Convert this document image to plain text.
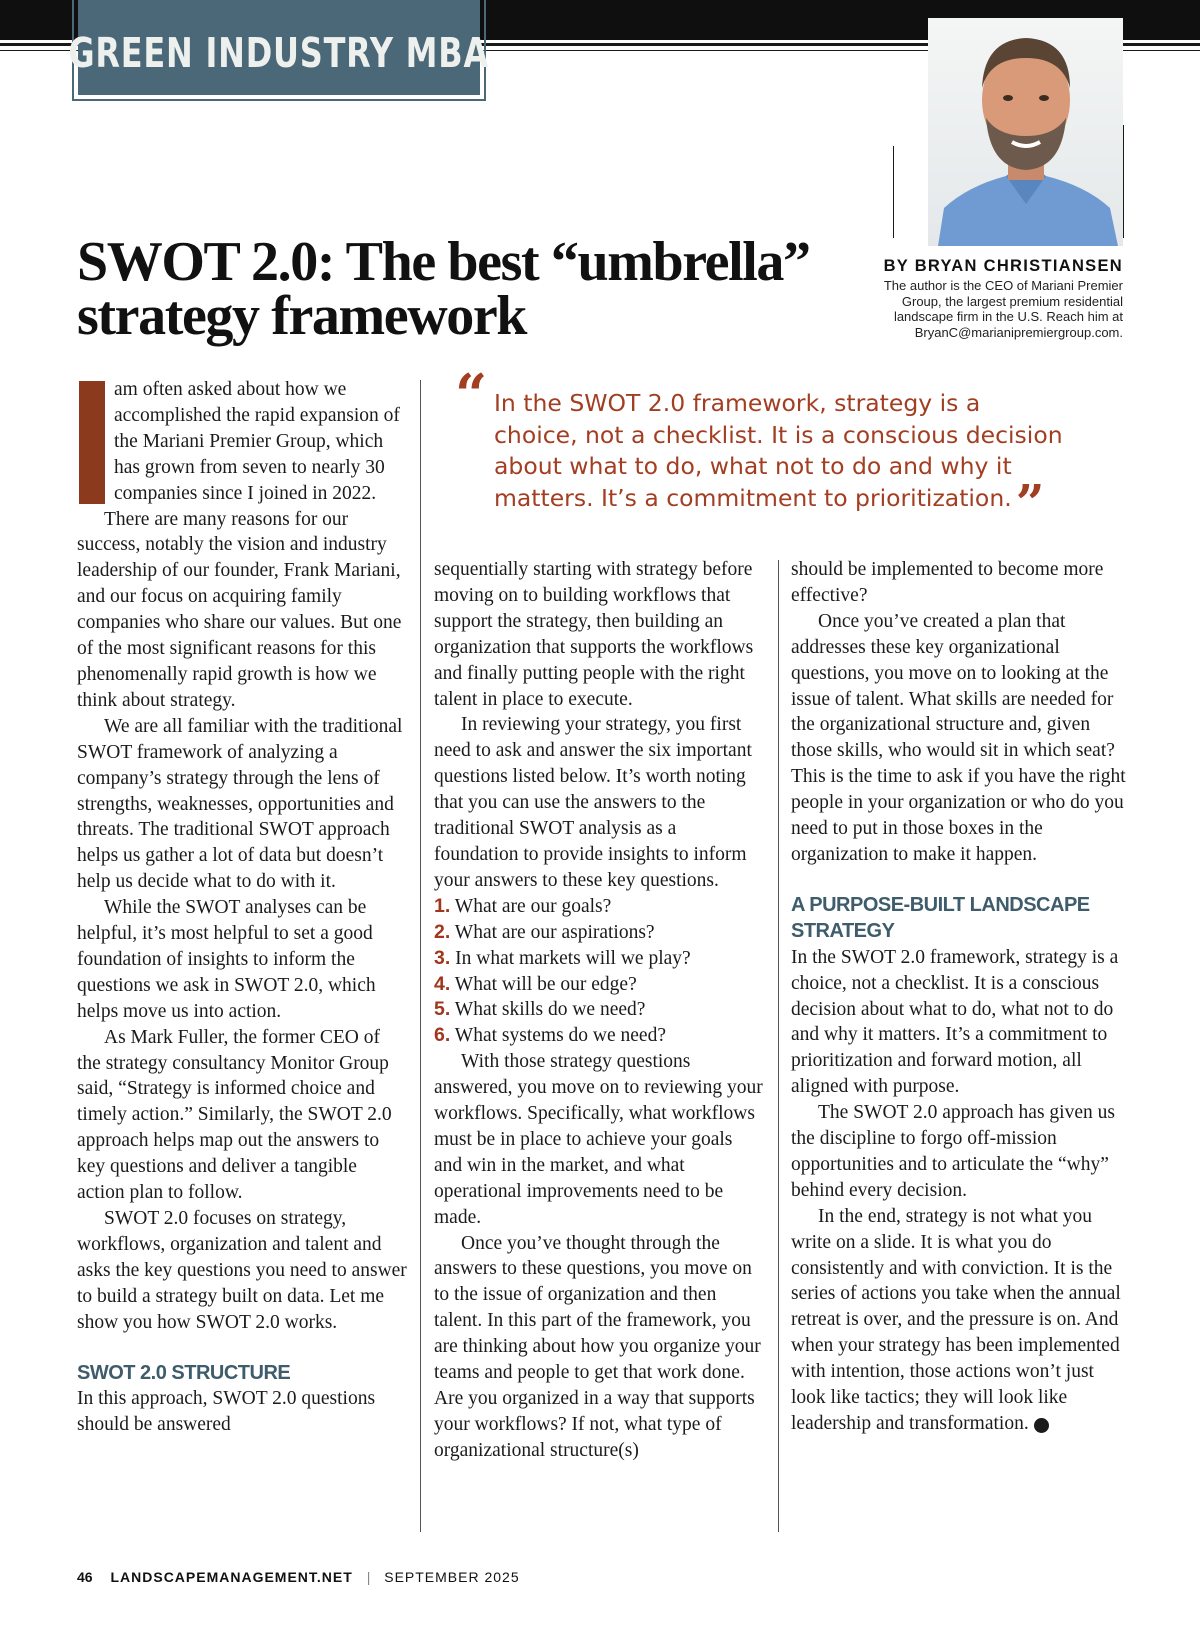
GREEN INDUSTRY MBA
SWOT 2.0: The best “umbrella”
strategy framework
BY BRYAN CHRISTIANSEN
The author is the CEO of Mariani Premier
Group, the largest premium residential
landscape firm in the U.S. Reach him at
BryanC@marianipremiergroup.com.
“ In the SWOT 2.0 framework, strategy is a
choice, not a checklist. It is a conscious decision
about what to do, what not to do and why it
matters. It’s a commitment to prioritization.”

am often asked about how we accomplished the rapid expansion of the Mariani Premier Group, which has grown from seven to nearly 30 companies since I joined in 2022.

There are many reasons for our success, notably the vision and industry leadership of our founder, Frank Mariani, and our focus on acquiring family companies who share our values. But one of the most significant reasons for this phenomenally rapid growth is how we think about strategy.

We are all familiar with the traditional SWOT framework of analyzing a company’s strategy through the lens of strengths, weaknesses, opportunities and threats. The traditional SWOT approach helps us gather a lot of data but doesn’t help us decide what to do with it.

While the SWOT analyses can be helpful, it’s most helpful to set a good foundation of insights to inform the questions we ask in SWOT 2.0, which helps move us into action.

As Mark Fuller, the former CEO of the strategy consultancy Monitor Group said, “Strategy is informed choice and timely action.” Similarly, the SWOT 2.0 approach helps map out the answers to key questions and deliver a tangible action plan to follow.

SWOT 2.0 focuses on strategy, workflows, organization and talent and asks the key questions you need to answer to build a strategy built on data. Let me show you how SWOT 2.0 works.

SWOT 2.0 STRUCTURE

In this approach, SWOT 2.0 questions should be answered

sequentially starting with strategy before moving on to building workflows that support the strategy, then building an organization that supports the workflows and finally putting people with the right talent in place to execute.

In reviewing your strategy, you first need to ask and answer the six important questions listed below. It’s worth noting that you can use the answers to the traditional SWOT analysis as a foundation to provide insights to inform your answers to these key questions.

1. What are our goals?
2. What are our aspirations?
3. In what markets will we play?
4. What will be our edge?
5. What skills do we need?
6. What systems do we need?

With those strategy questions answered, you move on to reviewing your workflows. Specifically, what workflows must be in place to achieve your goals and win in the market, and what operational improvements need to be made.

Once you’ve thought through the answers to these questions, you move on to the issue of organization and then talent. In this part of the framework, you are thinking about how you organize your teams and people to get that work done. Are you organized in a way that supports your workflows? If not, what type of organizational structure(s)

should be implemented to become more effective?

Once you’ve created a plan that addresses these key organizational questions, you move on to looking at the issue of talent. What skills are needed for the organizational structure and, given those skills, who would sit in which seat? This is the time to ask if you have the right people in your organization or who do you need to put in those boxes in the organization to make it happen.

A PURPOSE-BUILT LANDSCAPE STRATEGY

In the SWOT 2.0 framework, strategy is a choice, not a checklist. It is a conscious decision about what to do, what not to do and why it matters. It’s a commitment to prioritization and forward motion, all aligned with purpose.

The SWOT 2.0 approach has given us the discipline to forgo off-mission opportunities and to articulate the “why” behind every decision.

In the end, strategy is not what you write on a slide. It is what you do consistently and with conviction. It is the series of actions you take when the annual retreat is over, and the pressure is on. And when your strategy has been implemented with intention, those actions won’t just look like tactics; they will look like leadership and transformation.	LM

46 LANDSCAPEMANAGEMENT.NET | SEPTEMBER 2025
